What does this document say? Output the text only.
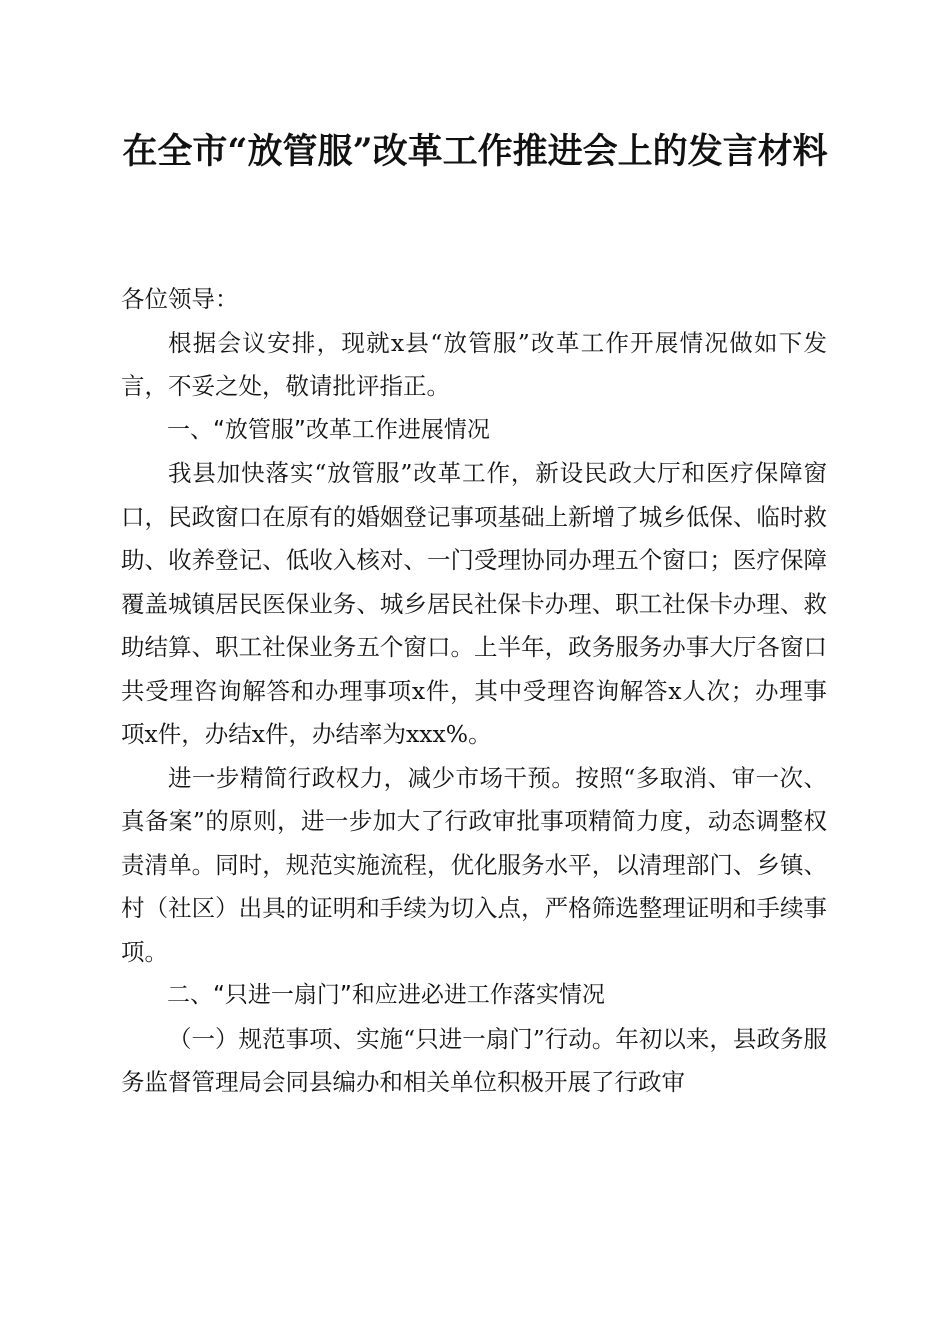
在全市“放管服”改革工作推进会上的发言材料

各位领导：

根据会议安排，现就x县“放管服”改革工作开展情况做如下发言，不妥之处，敬请批评指正。

一、“放管服”改革工作进展情况

我县加快落实“放管服”改革工作，新设民政大厅和医疗保障窗口，民政窗口在原有的婚姻登记事项基础上新增了城乡低保、临时救助、收养登记、低收入核对、一门受理协同办理五个窗口；医疗保障覆盖城镇居民医保业务、城乡居民社保卡办理、职工社保卡办理、救助结算、职工社保业务五个窗口。上半年，政务服务办事大厅各窗口共受理咨询解答和办理事项x件，其中受理咨询解答x人次；办理事项x件，办结x件，办结率为xxx%。

进一步精简行政权力，减少市场干预。按照“多取消、审一次、真备案”的原则，进一步加大了行政审批事项精简力度，动态调整权责清单。同时，规范实施流程，优化服务水平，以清理部门、乡镇、村（社区）出具的证明和手续为切入点，严格筛选整理证明和手续事项。

二、“只进一扇门”和应进必进工作落实情况

（一）规范事项、实施“只进一扇门”行动。年初以来，县政务服务监督管理局会同县编办和相关单位积极开展了行政审
